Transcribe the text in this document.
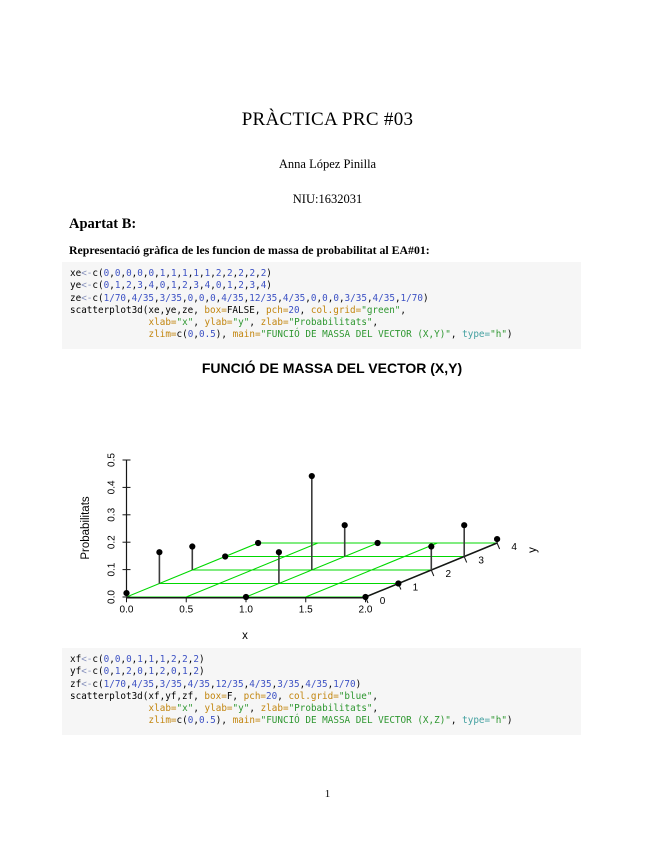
PRÀCTICA PRC #03
Anna López Pinilla
NIU:1632031
Apartat B:
Representació gràfica de les funcion de massa de probabilitat al EA#01:
xe<-c(0,0,0,0,0,1,1,1,1,1,2,2,2,2,2)
ye<-c(0,1,2,3,4,0,1,2,3,4,0,1,2,3,4)
ze<-c(1/70,4/35,3/35,0,0,0,4/35,12/35,4/35,0,0,0,3/35,4/35,1/70)
scatterplot3d(xe,ye,ze, box=FALSE, pch=20, col.grid="green",
xlab="x", ylab="y", zlab="Probabilitats",
zlim=c(0,0.5), main="FUNCIÓ DE MASSA DEL VECTOR (X,Y)", type="h")
FUNCIÓ DE MASSA DEL VECTOR (X,Y)
0.0	0.5	1.0	1.5	2.0
0.0
0.1
0.2
0.3
0.4
0.5
0
1
2
3
4
x
y
Probabilitats
xf<-c(0,0,0,1,1,1,2,2,2)
yf<-c(0,1,2,0,1,2,0,1,2)
zf<-c(1/70,4/35,3/35,4/35,12/35,4/35,3/35,4/35,1/70)
scatterplot3d(xf,yf,zf, box=F, pch=20, col.grid="blue",
xlab="x", ylab="y", zlab="Probabilitats",
zlim=c(0,0.5), main="FUNCIÓ DE MASSA DEL VECTOR (X,Z)", type="h")
1
